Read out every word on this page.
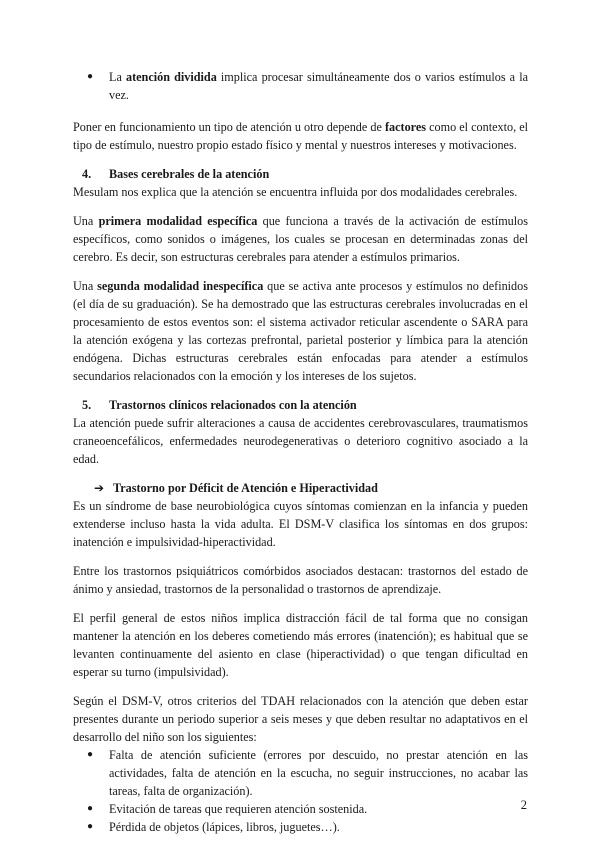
● La atención dividida implica procesar simultáneamente dos o varios estímulos a la vez.

Poner en funcionamiento un tipo de atención u otro depende de factores como el contexto, el tipo de estímulo, nuestro propio estado físico y mental y nuestros intereses y motivaciones.

4. Bases cerebrales de la atención

Mesulam nos explica que la atención se encuentra influida por dos modalidades cerebrales.

Una primera modalidad específica que funciona a través de la activación de estímulos específicos, como sonidos o imágenes, los cuales se procesan en determinadas zonas del cerebro. Es decir, son estructuras cerebrales para atender a estímulos primarios.

Una segunda modalidad inespecífica que se activa ante procesos y estímulos no definidos (el día de su graduación). Se ha demostrado que las estructuras cerebrales involucradas en el procesamiento de estos eventos son: el sistema activador reticular ascendente o SARA para la atención exógena y las cortezas prefrontal, parietal posterior y límbica para la atención endógena. Dichas estructuras cerebrales están enfocadas para atender a estímulos secundarios relacionados con la emoción y los intereses de los sujetos.

5. Trastornos clínicos relacionados con la atención

La atención puede sufrir alteraciones a causa de accidentes cerebrovasculares, traumatismos craneoencefálicos, enfermedades neurodegenerativas o deterioro cognitivo asociado a la edad.

➔ Trastorno por Déficit de Atención e Hiperactividad

Es un síndrome de base neurobiológica cuyos síntomas comienzan en la infancia y pueden extenderse incluso hasta la vida adulta. El DSM-V clasifica los síntomas en dos grupos: inatención e impulsividad-hiperactividad.

Entre los trastornos psiquiátricos comórbidos asociados destacan: trastornos del estado de ánimo y ansiedad, trastornos de la personalidad o trastornos de aprendizaje.

El perfil general de estos niños implica distracción fácil de tal forma que no consigan mantener la atención en los deberes cometiendo más errores (inatención); es habitual que se levanten continuamente del asiento en clase (hiperactividad) o que tengan dificultad en esperar su turno (impulsividad).

Según el DSM-V, otros criterios del TDAH relacionados con la atención que deben estar presentes durante un periodo superior a seis meses y que deben resultar no adaptativos en el desarrollo del niño son los siguientes:

● Falta de atención suficiente (errores por descuido, no prestar atención en las actividades, falta de atención en la escucha, no seguir instrucciones, no acabar las tareas, falta de organización).
● Evitación de tareas que requieren atención sostenida.
● Pérdida de objetos (lápices, libros, juguetes…).
2
